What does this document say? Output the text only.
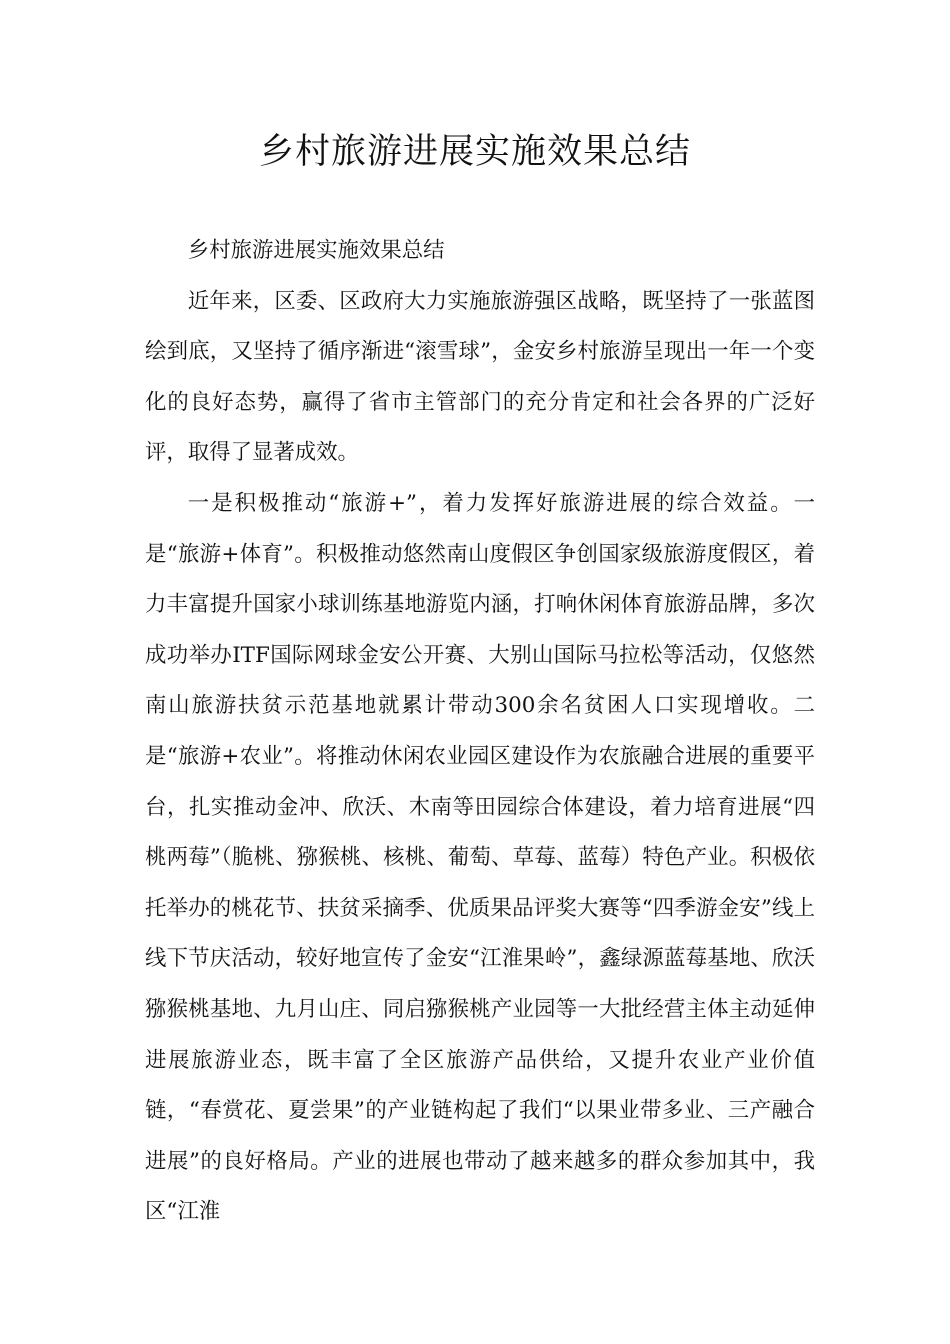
乡村旅游进展实施效果总结

乡村旅游进展实施效果总结

近年来，区委、区政府大力实施旅游强区战略，既坚持了一张蓝图绘到底，又坚持了循序渐进“滚雪球”，金安乡村旅游呈现出一年一个变化的良好态势，赢得了省市主管部门的充分肯定和社会各界的广泛好评，取得了显著成效。

一是积极推动“旅游+”，着力发挥好旅游进展的综合效益。一是“旅游+体育”。积极推动悠然南山度假区争创国家级旅游度假区，着力丰富提升国家小球训练基地游览内涵，打响休闲体育旅游品牌，多次成功举办ITF国际网球金安公开赛、大别山国际马拉松等活动，仅悠然南山旅游扶贫示范基地就累计带动300余名贫困人口实现增收。二是“旅游+农业”。将推动休闲农业园区建设作为农旅融合进展的重要平台，扎实推动金冲、欣沃、木南等田园综合体建设，着力培育进展“四桃两莓”（脆桃、猕猴桃、核桃、葡萄、草莓、蓝莓）特色产业。积极依托举办的桃花节、扶贫采摘季、优质果品评奖大赛等“四季游金安”线上线下节庆活动，较好地宣传了金安“江淮果岭”，鑫绿源蓝莓基地、欣沃猕猴桃基地、九月山庄、同启猕猴桃产业园等一大批经营主体主动延伸进展旅游业态，既丰富了全区旅游产品供给，又提升农业产业价值链，“春赏花、夏尝果”的产业链构起了我们“以果业带多业、三产融合进展”的良好格局。产业的进展也带动了越来越多的群众参加其中，我区“江淮
